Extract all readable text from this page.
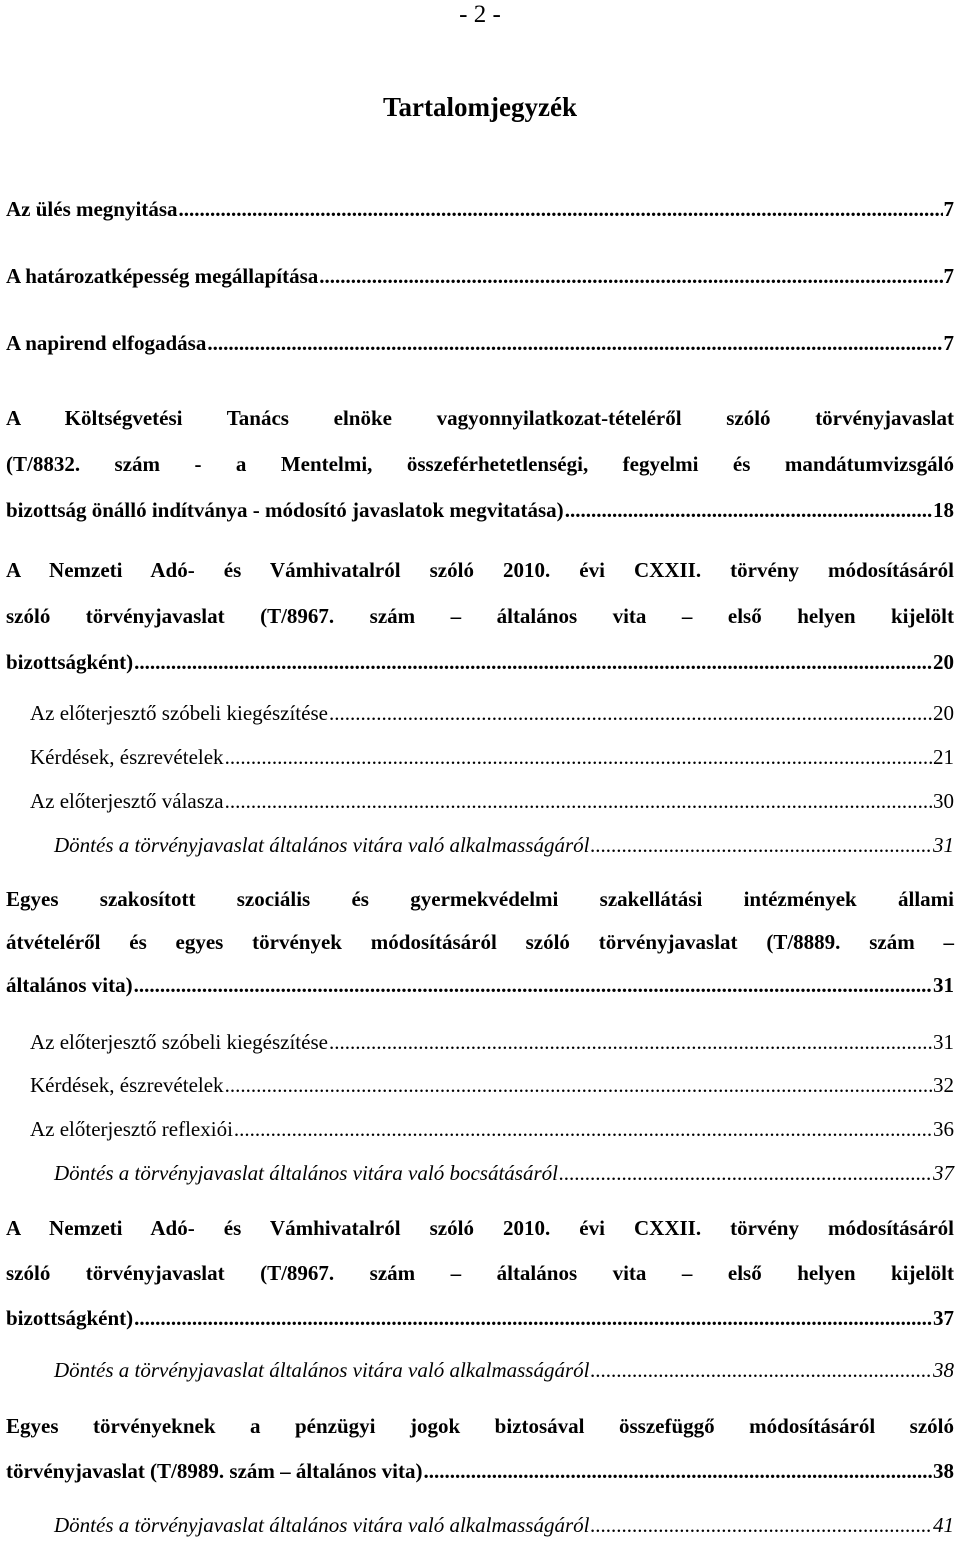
- 2 -
Tartalomjegyzék
Az ülés megnyitása .....	7
A határozatképesség megállapítása .....	7
A napirend elfogadása .....	7
A Költségvetési Tanács elnöke vagyonnyilatkozat-tételéről szóló törvényjavaslat
(T/8832. szám - a Mentelmi, összeférhetetlenségi, fegyelmi és mandátumvizsgáló
bizottság önálló indítványa - módosító javaslatok megvitatása) .....	18
A Nemzeti Adó- és Vámhivatalról szóló 2010. évi CXXII. törvény módosításáról
szóló törvényjavaslat (T/8967. szám – általános vita – első helyen kijelölt
bizottságként) .....	20
Az előterjesztő szóbeli kiegészítése .....	20
Kérdések, észrevételek .....	21
Az előterjesztő válasza .....	30
Döntés a törvényjavaslat általános vitára való alkalmasságáról .....	31
Egyes szakosított szociális és gyermekvédelmi szakellátási intézmények állami
átvételéről és egyes törvények módosításáról szóló törvényjavaslat (T/8889. szám –
általános vita) .....	31
Az előterjesztő szóbeli kiegészítése .....	31
Kérdések, észrevételek .....	32
Az előterjesztő reflexiói .....	36
Döntés a törvényjavaslat általános vitára való bocsátásáról .....	37
A Nemzeti Adó- és Vámhivatalról szóló 2010. évi CXXII. törvény módosításáról
szóló törvényjavaslat (T/8967. szám – általános vita – első helyen kijelölt
bizottságként) .....	37
Döntés a törvényjavaslat általános vitára való alkalmasságáról .....	38
Egyes törvényeknek a pénzügyi jogok biztosával összefüggő módosításáról szóló
törvényjavaslat (T/8989. szám – általános vita) .....	38
Döntés a törvényjavaslat általános vitára való alkalmasságáról .....	41
